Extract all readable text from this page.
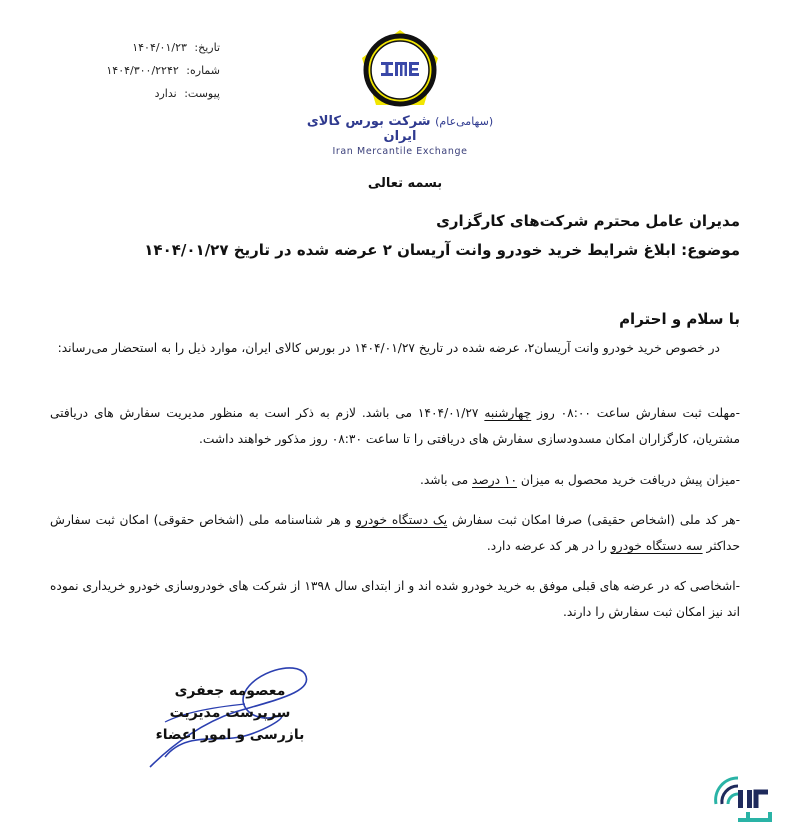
تاریخ: ۱۴۰۴/۰۱/۲۳
شماره: ۱۴۰۴/۳۰۰/۲۲۴۲
پیوست: ندارد
(سهامی‌عام) شرکت بورس کالای ایران
Iran Mercantile Exchange
بسمه تعالی
مدیران عامل محترم شرکت‌های کارگزاری
موضوع: ابلاغ شرایط خرید خودرو وانت آریسان ۲ عرضه شده در تاریخ ۱۴۰۴/۰۱/۲۷
با سلام و احترام
در خصوص خرید خودرو وانت آریسان۲، عرضه شده در تاریخ ۱۴۰۴/۰۱/۲۷ در بورس کالای ایران، موارد ذیل را به استحضار می‌رساند:
-مهلت ثبت سفارش ساعت ۰۸:۰۰ روز چهارشنبه ۱۴۰۴/۰۱/۲۷ می باشد. لازم به ذکر است به منظور مدیریت سفارش های دریافتی مشتریان، کارگزاران امکان مسدودسازی سفارش های دریافتی را تا ساعت ۰۸:۳۰ روز مذکور خواهند داشت.
-میزان پیش دریافت خرید محصول به میزان ۱۰ درصد می باشد.
-هر کد ملی (اشخاص حقیقی) صرفا امکان ثبت سفارش یک دستگاه خودرو و هر شناسنامه ملی (اشخاص حقوقی) امکان ثبت سفارش حداکثر سه دستگاه خودرو را در هر کد عرضه دارد.
-اشخاصی که در عرضه های قبلی موفق به خرید خودرو شده اند و از ابتدای سال ۱۳۹۸ از شرکت های خودروسازی خودرو خریداری نموده اند نیز امکان ثبت سفارش را دارند.
معصومه جعفری
سرپرست مدیریت
بازرسی و امور اعضاء
